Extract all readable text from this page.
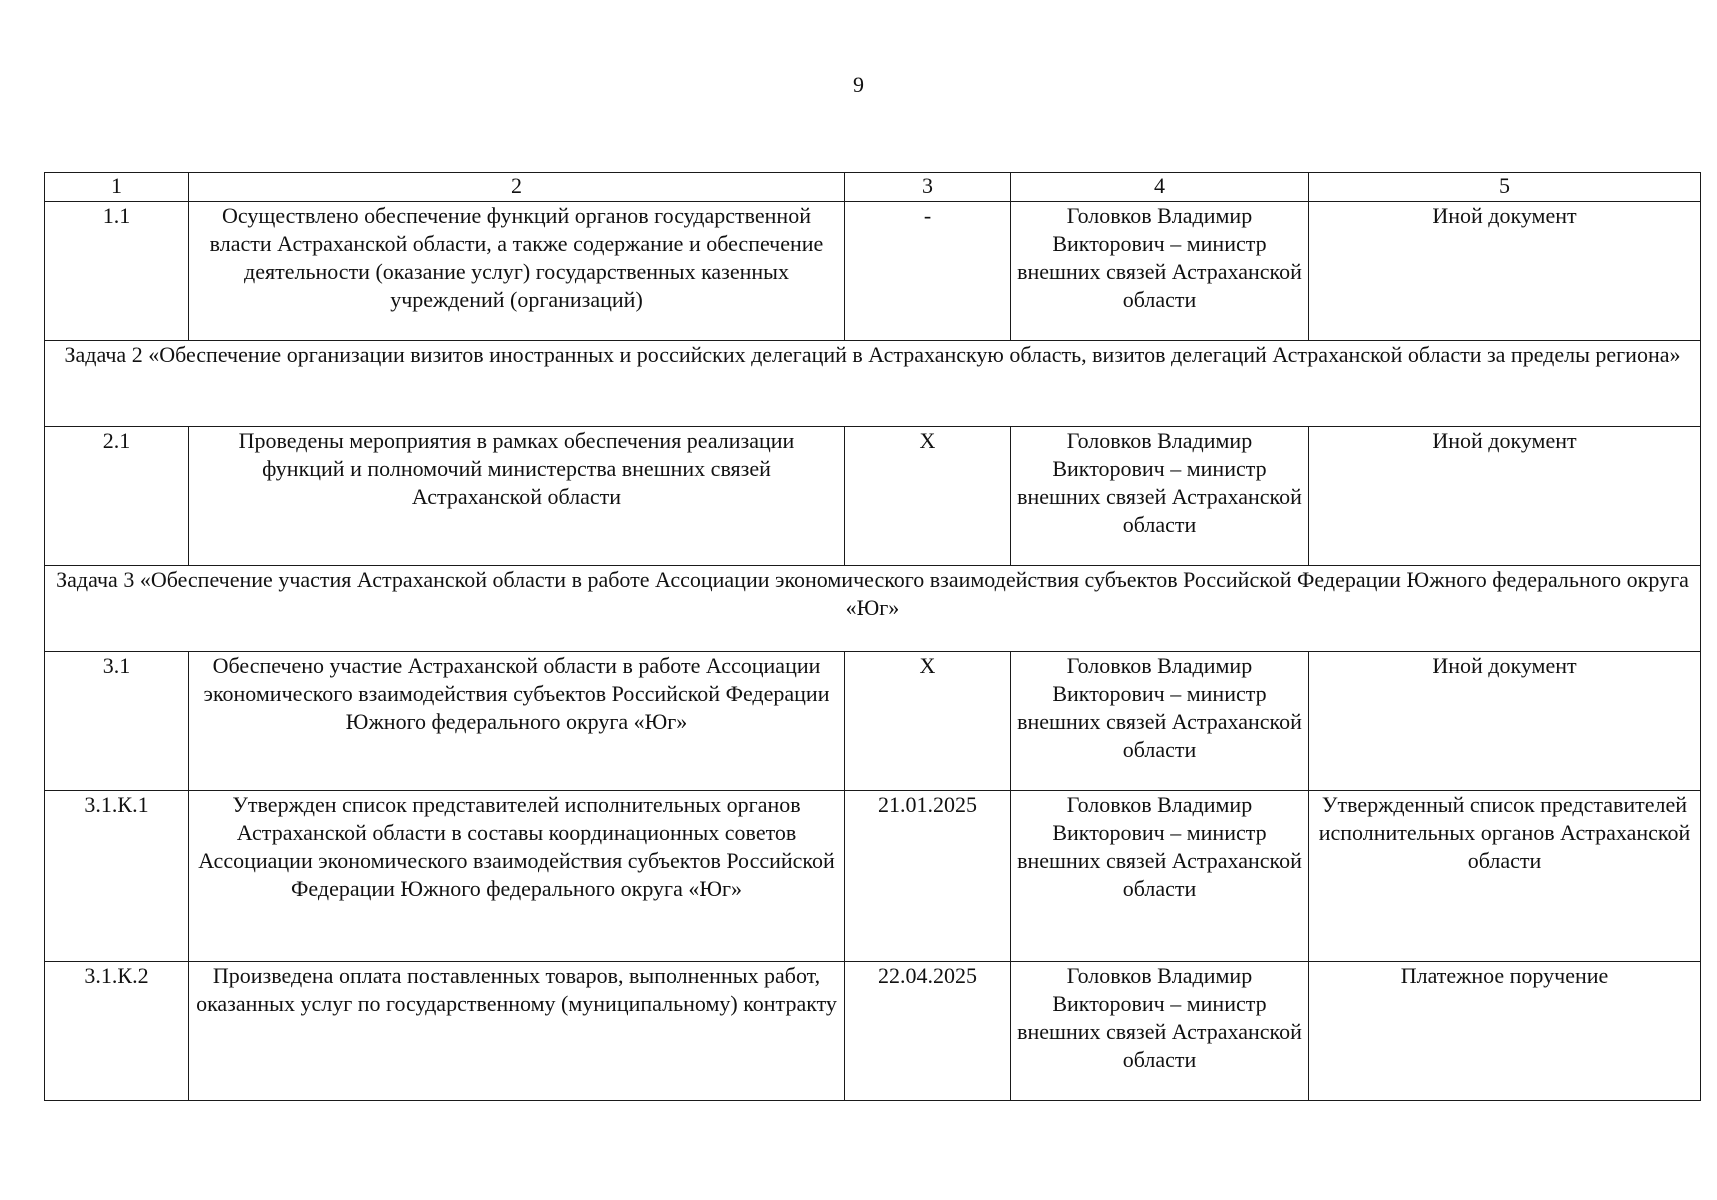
9
1	2	3	4	5
1.1	Осуществлено обеспечение функций органов государственной власти Астраханской области, а также содержание и обеспечение деятельности (оказание услуг) государственных казенных учреждений (организаций)	-	Головков Владимир Викторович – министр внешних связей Астраханской области	Иной документ
Задача 2 «Обеспечение организации визитов иностранных и российских делегаций в Астраханскую область, визитов делегаций Астраханской области за пределы региона»				
2.1	Проведены мероприятия в рамках обеспечения реализации функций и полномочий министерства внешних связей Астраханской области	Х	Головков Владимир Викторович – министр внешних связей Астраханской области	Иной документ
Задача 3 «Обеспечение участия Астраханской области в работе Ассоциации экономического взаимодействия субъектов Российской Федерации Южного федерального округа «Юг»				
3.1	Обеспечено участие Астраханской области в работе Ассоциации экономического взаимодействия субъектов Российской Федерации Южного федерального округа «Юг»	Х	Головков Владимир Викторович – министр внешних связей Астраханской области	Иной документ
3.1.К.1	Утвержден список представителей исполнительных органов Астраханской области в составы координационных советов Ассоциации экономического взаимодействия субъектов Российской Федерации Южного федерального округа «Юг»	21.01.2025	Головков Владимир Викторович – министр внешних связей Астраханской области	Утвержденный список представителей исполнительных органов Астраханской области
3.1.К.2	Произведена оплата поставленных товаров, выполненных работ, оказанных услуг по государственному (муниципальному) контракту	22.04.2025	Головков Владимир Викторович – министр внешних связей Астраханской области	Платежное поручение
